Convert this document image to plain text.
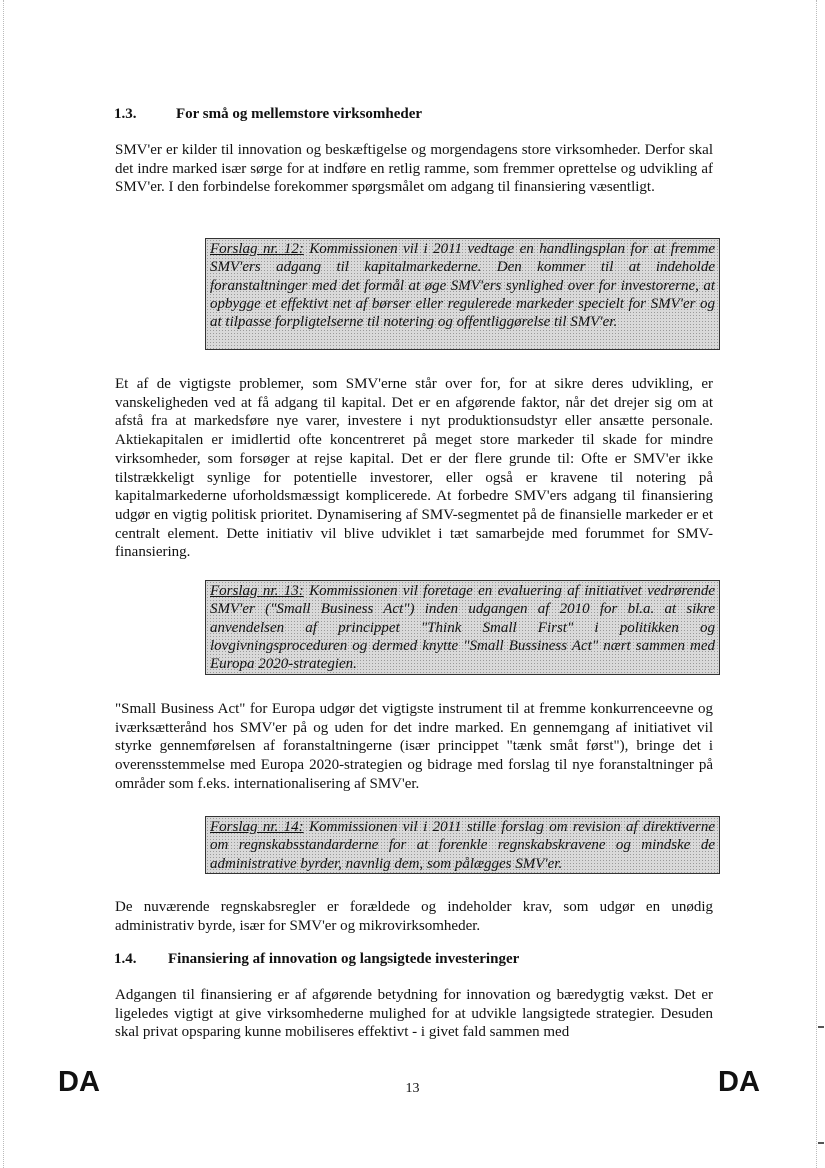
1.3.	For små og mellemstore virksomheder
SMV'er er kilder til innovation og beskæftigelse og morgendagens store virksomheder. Derfor skal det indre marked især sørge for at indføre en retlig ramme, som fremmer oprettelse og udvikling af SMV'er. I den forbindelse forekommer spørgsmålet om adgang til finansiering væsentligt.
Forslag nr. 12: Kommissionen vil i 2011 vedtage en handlingsplan for at fremme SMV'ers adgang til kapitalmarkederne. Den kommer til at indeholde foranstaltninger med det formål at øge SMV'ers synlighed over for investorerne, at opbygge et effektivt net af børser eller regulerede markeder specielt for SMV'er og at tilpasse forpligtelserne til notering og offentliggørelse til SMV'er.
Et af de vigtigste problemer, som SMV'erne står over for, for at sikre deres udvikling, er vanskeligheden ved at få adgang til kapital. Det er en afgørende faktor, når det drejer sig om at afstå fra at markedsføre nye varer, investere i nyt produktionsudstyr eller ansætte personale. Aktiekapitalen er imidlertid ofte koncentreret på meget store markeder til skade for mindre virksomheder, som forsøger at rejse kapital. Det er der flere grunde til: Ofte er SMV'er ikke tilstrækkeligt synlige for potentielle investorer, eller også er kravene til notering på kapitalmarkederne uforholdsmæssigt komplicerede. At forbedre SMV'ers adgang til finansiering udgør en vigtig politisk prioritet. Dynamisering af SMV-segmentet på de finansielle markeder er et centralt element. Dette initiativ vil blive udviklet i tæt samarbejde med forummet for SMV-finansiering.
Forslag nr. 13: Kommissionen vil foretage en evaluering af initiativet vedrørende SMV'er ("Small Business Act") inden udgangen af 2010 for bl.a. at sikre anvendelsen af princippet "Think Small First" i politikken og lovgivningsproceduren og dermed knytte "Small Bussiness Act" nært sammen med Europa 2020-strategien.
"Small Business Act" for Europa udgør det vigtigste instrument til at fremme konkurrenceevne og iværksætterånd hos SMV'er på og uden for det indre marked. En gennemgang af initiativet vil styrke gennemførelsen af foranstaltningerne (især princippet "tænk småt først"), bringe det i overensstemmelse med Europa 2020-strategien og bidrage med forslag til nye foranstaltninger på områder som f.eks. internationalisering af SMV'er.
Forslag nr. 14: Kommissionen vil i 2011 stille forslag om revision af direktiverne om regnskabsstandarderne for at forenkle regnskabskravene og mindske de administrative byrder, navnlig dem, som pålægges SMV'er.
De nuværende regnskabsregler er forældede og indeholder krav, som udgør en unødig administrativ byrde, især for SMV'er og mikrovirksomheder.
1.4. Finansiering af innovation og langsigtede investeringer
Adgangen til finansiering er af afgørende betydning for innovation og bæredygtig vækst. Det er ligeledes vigtigt at give virksomhederne mulighed for at udvikle langsigtede strategier. Desuden skal privat opsparing kunne mobiliseres effektivt - i givet fald sammen med
DA	13	DA
